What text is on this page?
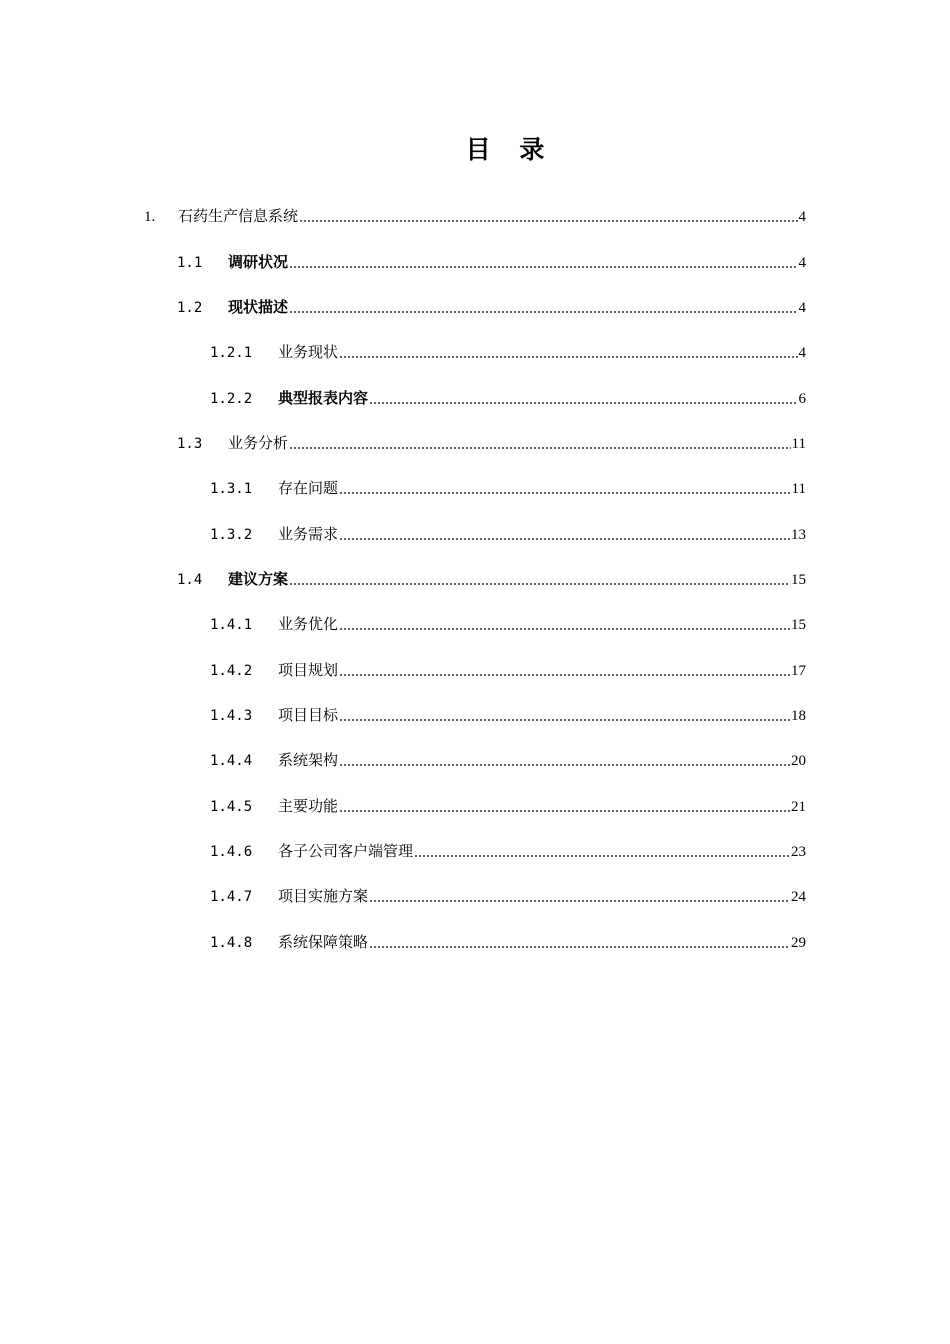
目 录
1.	石药生产信息系统	4
1.1	调研状况	4
1.2	现状描述	4
1.2.1	业务现状	4
1.2.2	典型报表内容	6
1.3	业务分析	11
1.3.1	存在问题	11
1.3.2	业务需求	13
1.4	建议方案	15
1.4.1	业务优化	15
1.4.2	项目规划	17
1.4.3	项目目标	18
1.4.4	系统架构	20
1.4.5	主要功能	21
1.4.6	各子公司客户端管理	23
1.4.7	项目实施方案	24
1.4.8	系统保障策略	29
